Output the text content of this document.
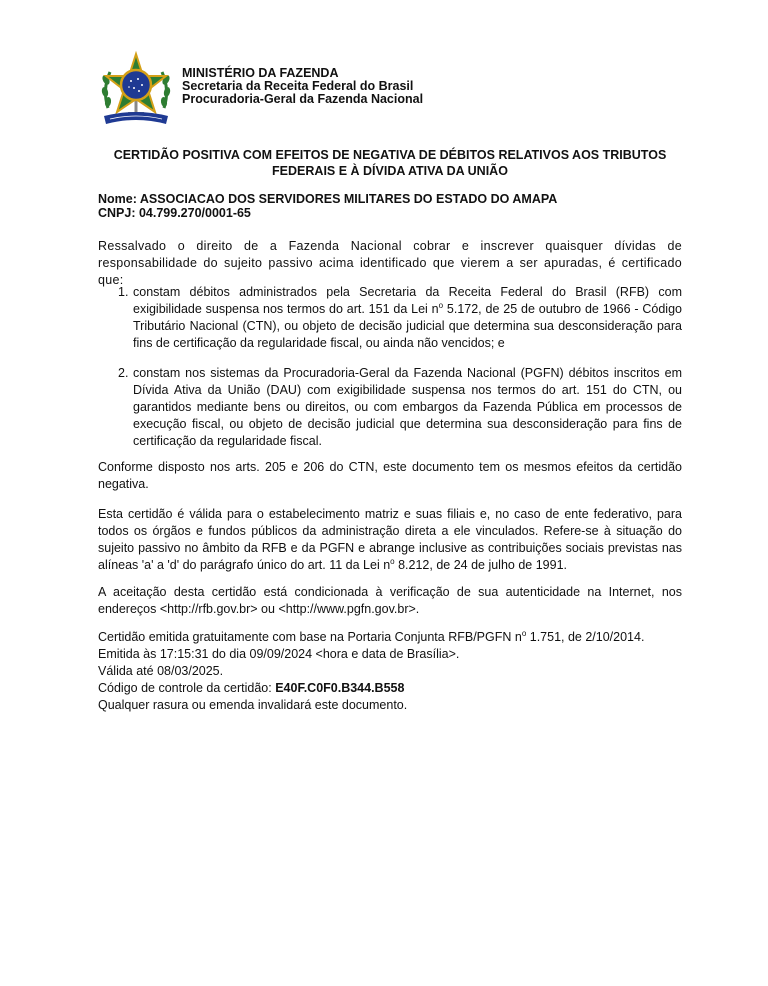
MINISTÉRIO DA FAZENDA
Secretaria da Receita Federal do Brasil
Procuradoria-Geral da Fazenda Nacional
CERTIDÃO POSITIVA COM EFEITOS DE NEGATIVA DE DÉBITOS RELATIVOS AOS TRIBUTOS
FEDERAIS E À DÍVIDA ATIVA DA UNIÃO
Nome: ASSOCIACAO DOS SERVIDORES MILITARES DO ESTADO DO AMAPA
CNPJ: 04.799.270/0001-65
Ressalvado o direito de a Fazenda Nacional cobrar e inscrever quaisquer dívidas de responsabilidade do sujeito passivo acima identificado que vierem a ser apuradas, é certificado que:
1. constam débitos administrados pela Secretaria da Receita Federal do Brasil (RFB) com exigibilidade suspensa nos termos do art. 151 da Lei $n^o$ 5.172, de 25 de outubro de 1966 - Código Tributário Nacional (CTN), ou objeto de decisão judicial que determina sua desconsideração para fins de certificação da regularidade fiscal, ou ainda não vencidos; e
2. constam nos sistemas da Procuradoria-Geral da Fazenda Nacional (PGFN) débitos inscritos em Dívida Ativa da União (DAU) com exigibilidade suspensa nos termos do art. 151 do CTN, ou garantidos mediante bens ou direitos, ou com embargos da Fazenda Pública em processos de execução fiscal, ou objeto de decisão judicial que determina sua desconsideração para fins de certificação da regularidade fiscal.
Conforme disposto nos arts. 205 e 206 do CTN, este documento tem os mesmos efeitos da certidão negativa.
Esta certidão é válida para o estabelecimento matriz e suas filiais e, no caso de ente federativo, para todos os órgãos e fundos públicos da administração direta a ele vinculados. Refere-se à situação do sujeito passivo no âmbito da RFB e da PGFN e abrange inclusive as contribuições sociais previstas nas alíneas 'a' a 'd' do parágrafo único do art. 11 da Lei $n^o$ 8.212, de 24 de julho de 1991.
A aceitação desta certidão está condicionada à verificação de sua autenticidade na Internet, nos endereços <http://rfb.gov.br> ou <http://www.pgfn.gov.br>.
Certidão emitida gratuitamente com base na Portaria Conjunta RFB/PGFN $n^o$ 1.751, de 2/10/2014.
Emitida às 17:15:31 do dia 09/09/2024 <hora e data de Brasília>.
Válida até 08/03/2025.
Código de controle da certidão: E40F.C0F0.B344.B558
Qualquer rasura ou emenda invalidará este documento.
